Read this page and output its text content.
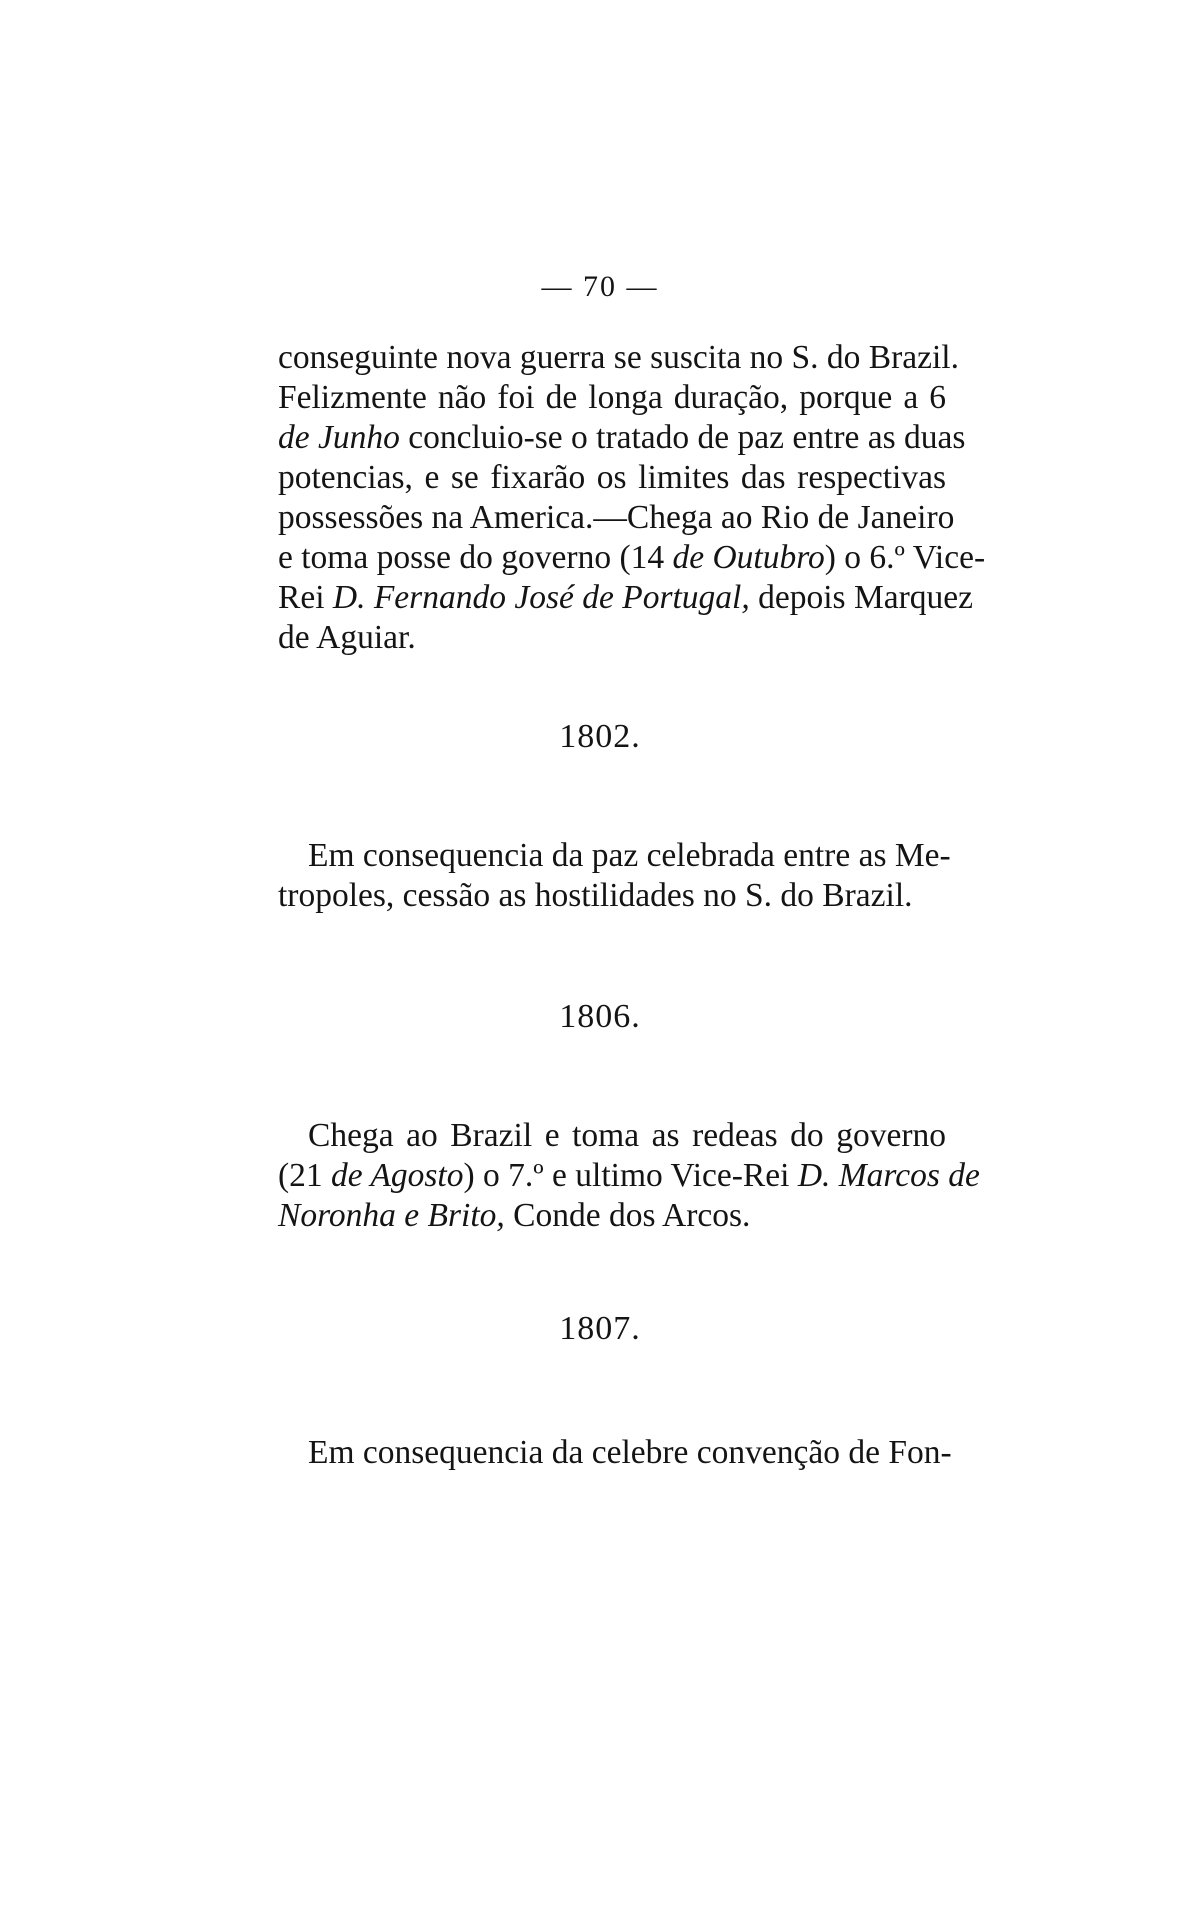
— 70 —
conseguinte nova guerra se suscita no S. do Brazil.
Felizmente não foi de longa duração, porque a 6
de Junho concluio-se o tratado de paz entre as duas
potencias, e se fixarão os limites das respectivas
possessões na America.—Chega ao Rio de Janeiro
e toma posse do governo (14 de Outubro) o 6.º Vice-
Rei D. Fernando José de Portugal, depois Marquez
de Aguiar.
1802.
Em consequencia da paz celebrada entre as Me-
tropoles, cessão as hostilidades no S. do Brazil.
1806.
Chega ao Brazil e toma as redeas do governo
(21 de Agosto) o 7.º e ultimo Vice-Rei D. Marcos de
Noronha e Brito, Conde dos Arcos.
1807.
Em consequencia da celebre convenção de Fon-
